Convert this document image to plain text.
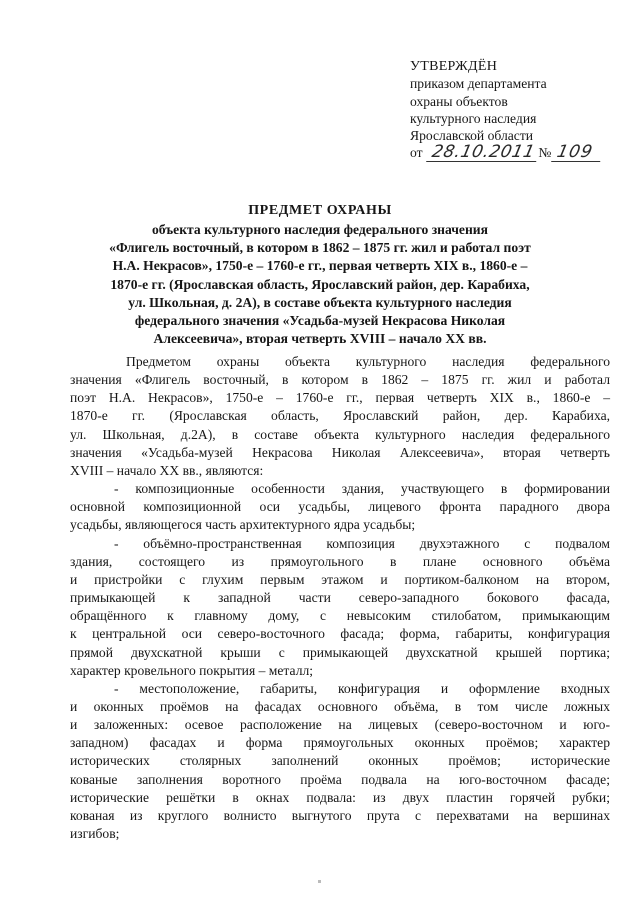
УТВЕРЖДЁН
приказом департамента
охраны объектов
культурного наследия
Ярославской области
от 28.10.2011 № 109
ПРЕДМЕТ ОХРАНЫ
объекта культурного наследия федерального значения
«Флигель восточный, в котором в 1862 – 1875 гг. жил и работал поэт
Н.А. Некрасов», 1750-е – 1760-е гг., первая четверть XIX в., 1860-е –
1870-е гг. (Ярославская область, Ярославский район, дер. Карабиха,
ул. Школьная, д. 2А), в составе объекта культурного наследия
федерального значения «Усадьба-музей Некрасова Николая
Алексеевича», вторая четверть XVIII – начало XX вв.
Предметом охраны объекта культурного наследия федерального
значения «Флигель восточный, в котором в 1862 – 1875 гг. жил и работал
поэт Н.А. Некрасов», 1750-е – 1760-е гг., первая четверть XIX в., 1860-е –
1870-е гг. (Ярославская область, Ярославский район, дер. Карабиха,
ул. Школьная, д.2А), в составе объекта культурного наследия федерального
значения «Усадьба-музей Некрасова Николая Алексеевича», вторая четверть
XVIII – начало XX вв., являются:
- композиционные особенности здания, участвующего в формировании
основной композиционной оси усадьбы, лицевого фронта парадного двора
усадьбы, являющегося часть архитектурного ядра усадьбы;
- объёмно-пространственная композиция двухэтажного с подвалом
здания, состоящего из прямоугольного в плане основного объёма
и пристройки с глухим первым этажом и портиком-балконом на втором,
примыкающей к западной части северо-западного бокового фасада,
обращённого к главному дому, с невысоким стилобатом, примыкающим
к центральной оси северо-восточного фасада; форма, габариты, конфигурация
прямой двухскатной крыши с примыкающей двухскатной крышей портика;
характер кровельного покрытия – металл;
- местоположение, габариты, конфигурация и оформление входных
и оконных проёмов на фасадах основного объёма, в том числе ложных
и заложенных: осевое расположение на лицевых (северо-восточном и юго-
западном) фасадах и форма прямоугольных оконных проёмов; характер
исторических столярных заполнений оконных проёмов; исторические
кованые заполнения воротного проёма подвала на юго-восточном фасаде;
исторические решётки в окнах подвала: из двух пластин горячей рубки;
кованая из круглого волнисто выгнутого прута с перехватами на вершинах
изгибов;
